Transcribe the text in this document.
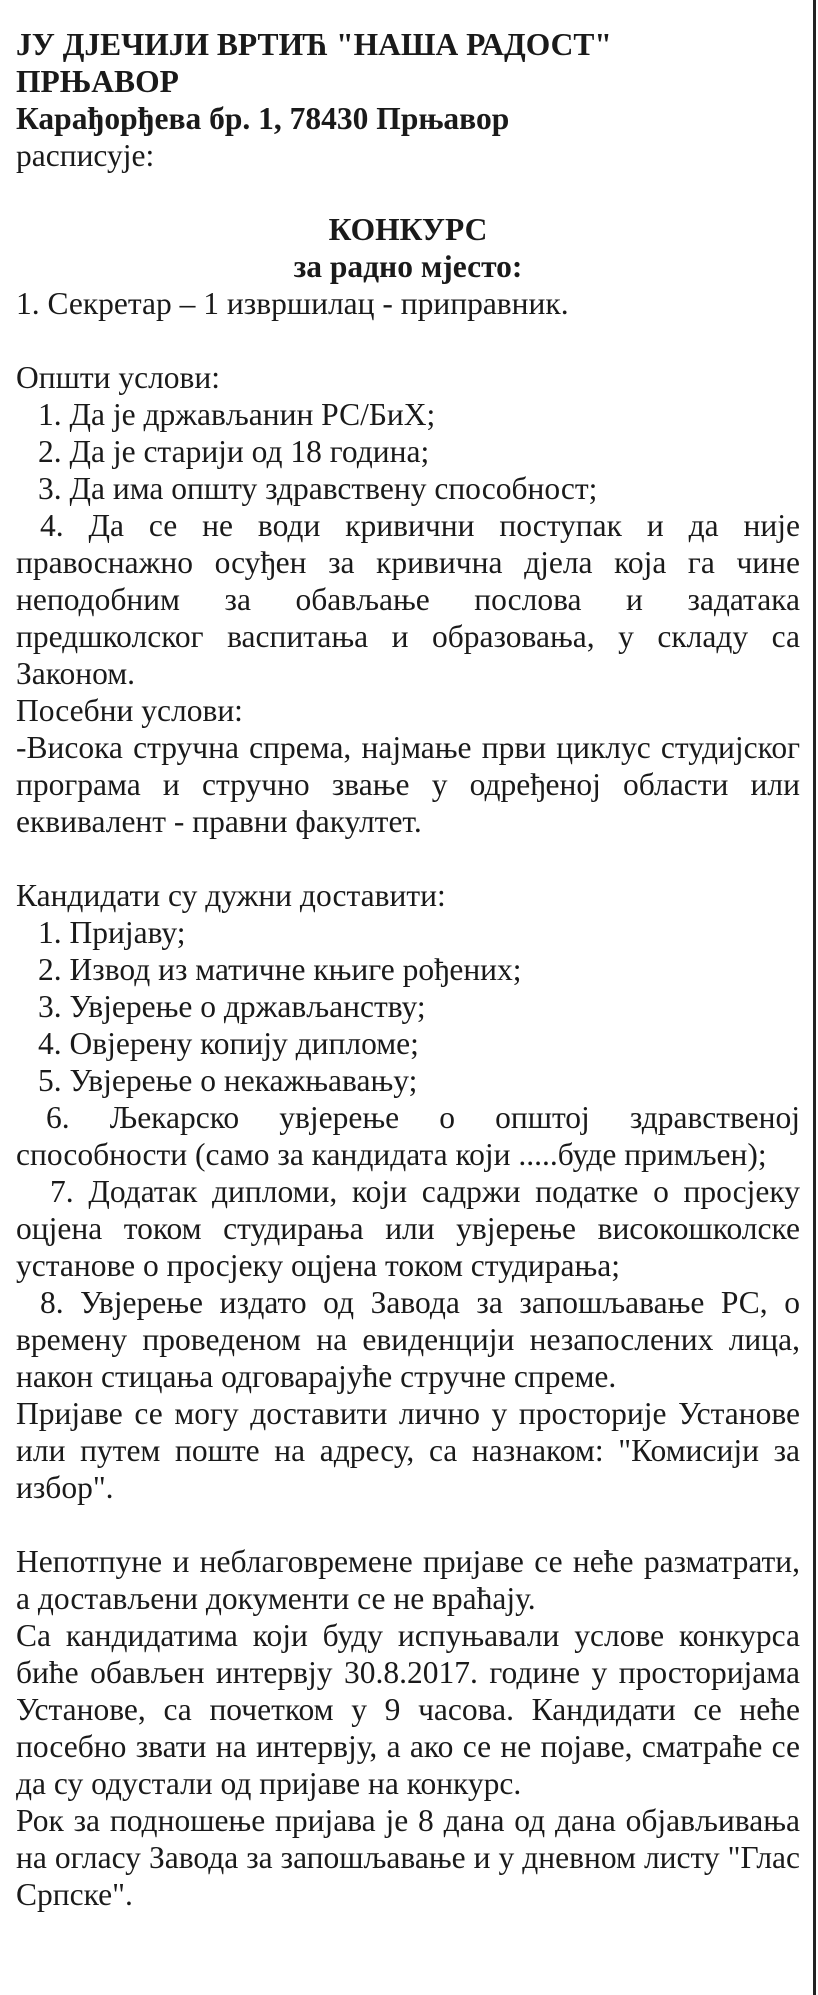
ЈУ ДЈЕЧИЈИ ВРТИЋ "НАША РАДОСТ"
ПРЊАВОР
Карађорђева бр. 1, 78430 Прњавор
расписује:
КОНКУРС
за радно мјесто:
1. Секретар – 1 извршилац - приправник.
Општи услови:
1. Да је држављанин РС/БиХ;
2. Да је старији од 18 година;
3. Да има општу здравствену способност;
4. Да се не води кривични поступак и да није правоснажно осуђен за кривична дјела која га чине неподобним за обављање послова и задатака предшколског васпитања и образовања, у складу са Законом.
Посебни услови:
-Висока стручна спрема, најмање први циклус студијског програма и стручно звање у одређеној области или еквивалент - правни факултет.
Кандидати су дужни доставити:
1. Пријаву;
2. Извод из матичне књиге рођених;
3. Увјерење о држављанству;
4. Овјерену копију дипломе;
5. Увјерење о некажњавању;
6. Љекарско увјерење о општој здравственој способности (само за кандидата који .....буде примљен);
7. Додатак дипломи, који садржи податке о просјеку оцјена током студирања или увјерење високошколске установе о просјеку оцјена током студирања;
8. Увјерење издато од Завода за запошљавање РС, о времену проведеном на евиденцији незапослених лица, након стицања одговарајуће стручне спреме.
Пријаве се могу доставити лично у просторије Установе или путем поште на адресу, са назнаком: "Комисији за избор".
Непотпуне и неблаговремене пријаве се неће разматрати, а достављени документи се не враћају.
Са кандидатима који буду испуњавали услове конкурса биће обављен интервју 30.8.2017. године у просторијама Установе, са почетком у 9 часова. Кандидати се неће посебно звати на интервју, а ако се не појаве, сматраће се да су одустали од пријаве на конкурс.
Рок за подношење пријава је 8 дана од дана објављивања на огласу Завода за запошљавање и у дневном листу "Глас Српске".
